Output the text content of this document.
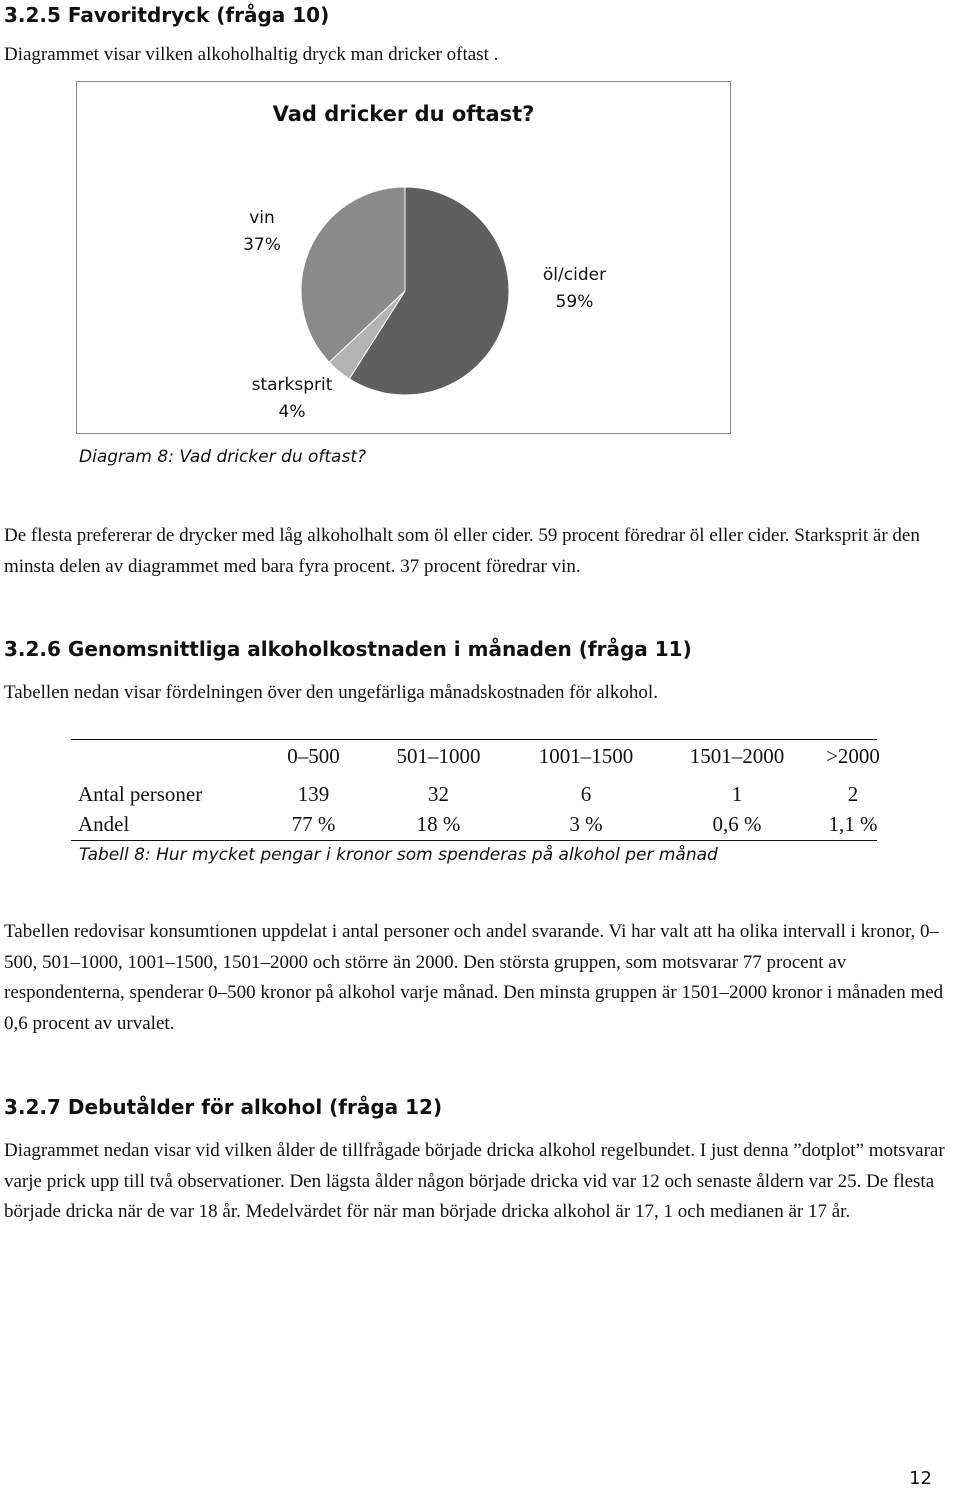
3.2.5 Favoritdryck (fråga 10)

Diagrammet visar vilken alkoholhaltig dryck man dricker oftast .

Vad dricker du oftast?
vin
37%
öl/cider
59%
starksprit
4%
Diagram 8: Vad dricker du oftast?

De flesta prefererar de drycker med låg alkoholhalt som öl eller cider. 59 procent föredrar öl eller cider. Starksprit är den minsta delen av diagrammet med bara fyra procent. 37 procent föredrar vin.

3.2.6 Genomsnittliga alkoholkostnaden i månaden (fråga 11)

Tabellen nedan visar fördelningen över den ungefärliga månadskostnaden för alkohol.

	0–500	501–1000	1001–1500	1501–2000	>2000

Antal personer	139	32	6	1	2
Andel	77 %	18 %	3 %	0,6 %	1,1 %
Tabell 8: Hur mycket pengar i kronor som spenderas på alkohol per månad

Tabellen redovisar konsumtionen uppdelat i antal personer och andel svarande. Vi har valt att ha olika intervall i kronor, 0–500, 501–1000, 1001–1500, 1501–2000 och större än 2000. Den största gruppen, som motsvarar 77 procent av respondenterna, spenderar 0–500 kronor på alkohol varje månad. Den minsta gruppen är 1501–2000 kronor i månaden med 0,6 procent av urvalet.

3.2.7 Debutålder för alkohol (fråga 12)

Diagrammet nedan visar vid vilken ålder de tillfrågade började dricka alkohol regelbundet. I just denna ”dotplot” motsvarar varje prick upp till två observationer. Den lägsta ålder någon började dricka vid var 12 och senaste åldern var 25. De flesta började dricka när de var 18 år. Medelvärdet för när man började dricka alkohol är 17, 1 och medianen är 17 år.

12
